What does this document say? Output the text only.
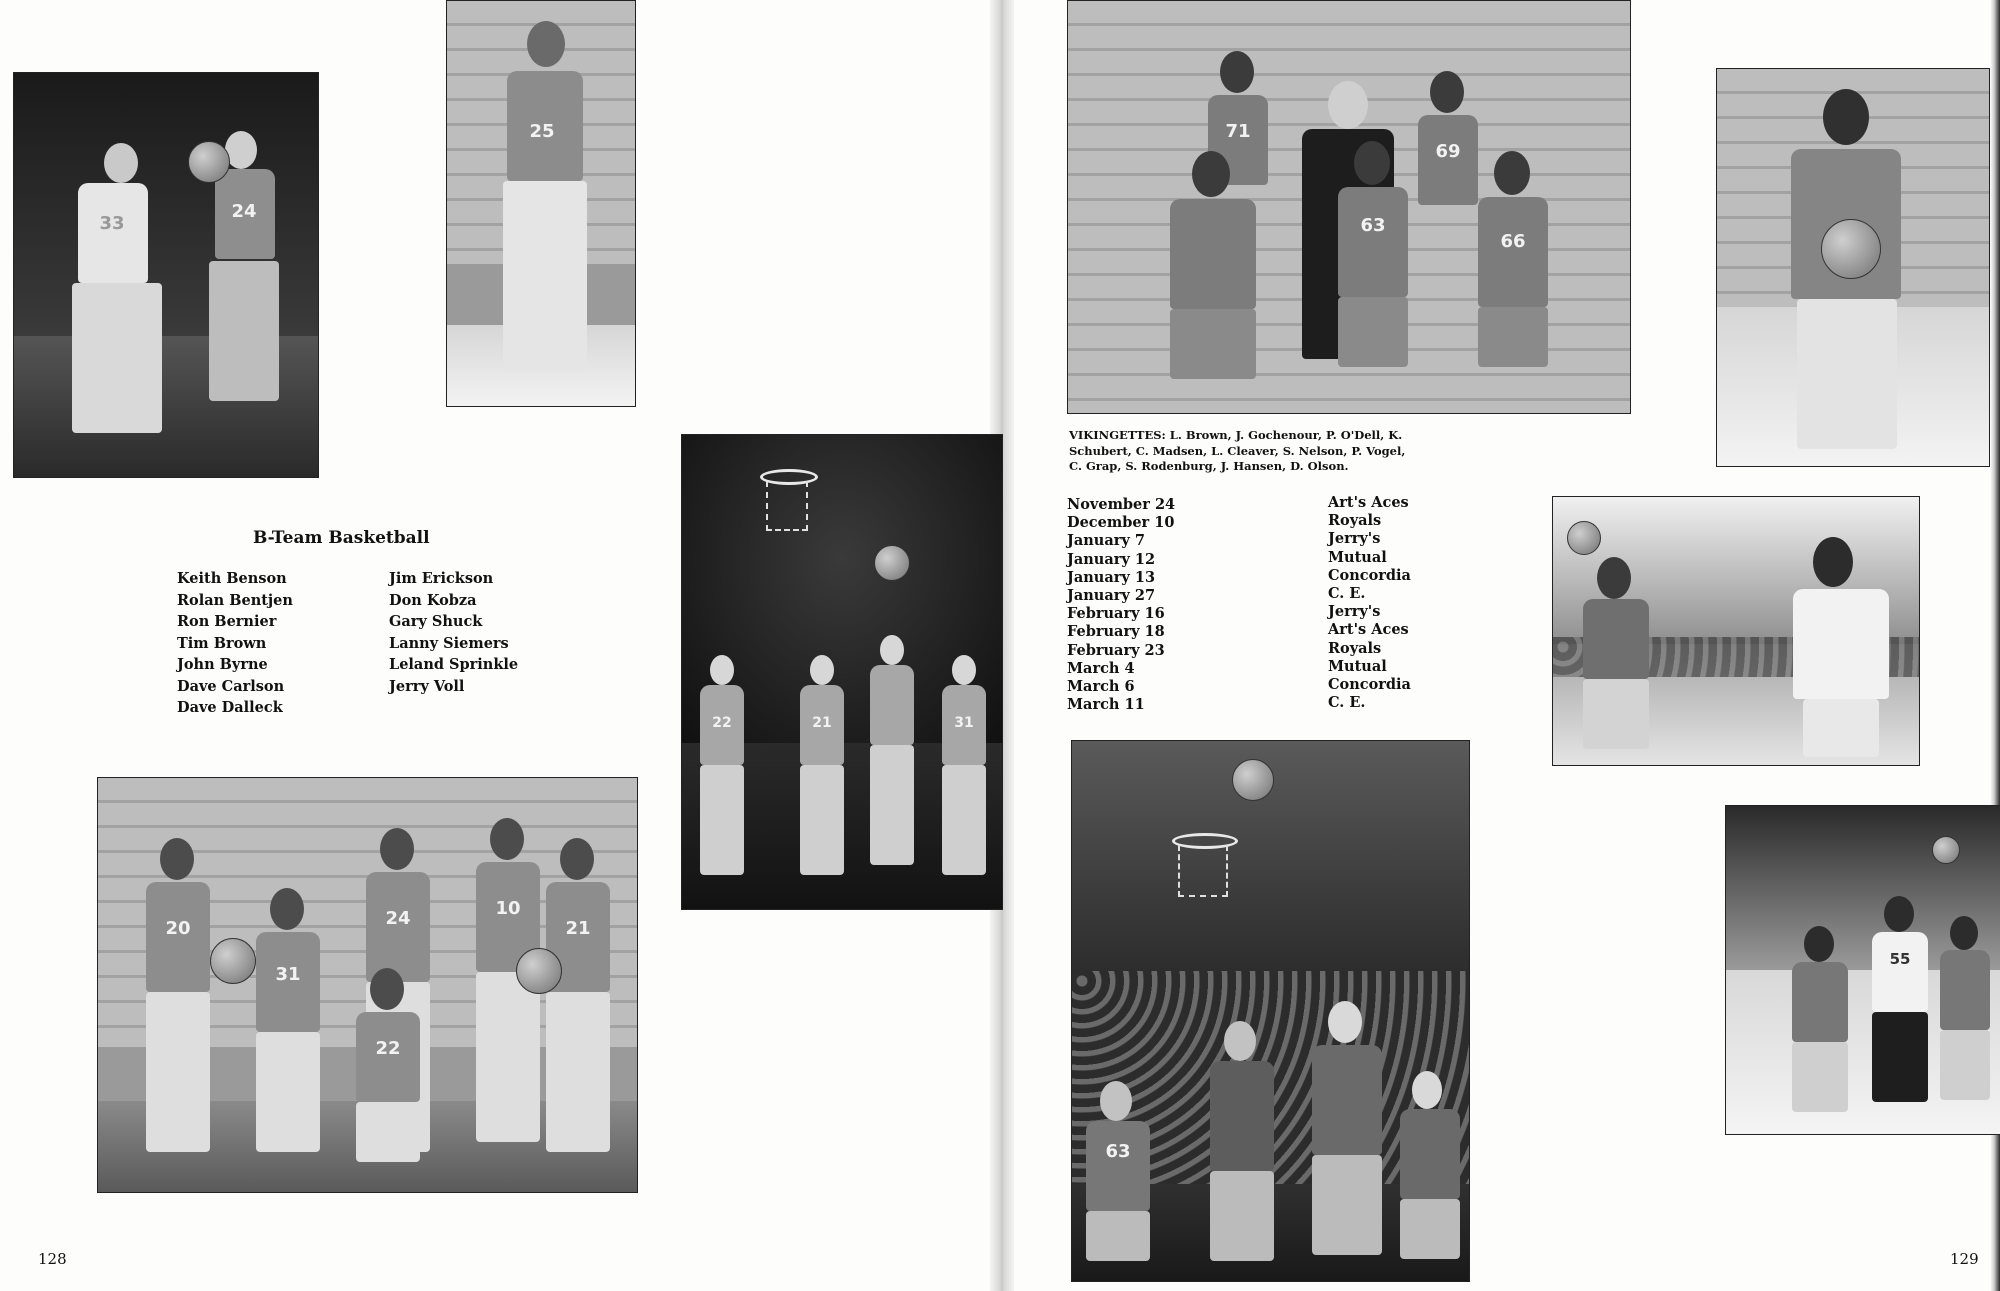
33
24
25
22	21	31
20
31
24
22
10
21
B-Team Basketball
Keith Benson
Rolan Bentjen
Ron Bernier
Tim Brown
John Byrne
Dave Carlson
Dave Dalleck
Jim Erickson
Don Kobza
Gary Shuck
Lanny Siemers
Leland Sprinkle
Jerry Voll
128
71
69
63
66
63
55
VIKINGETTES: L. Brown, J. Gochenour, P. O'Dell, K. Schubert, C. Madsen, L. Cleaver, S. Nelson, P. Vogel, C. Grap, S. Rodenburg, J. Hansen, D. Olson.
November 24
December 10
January 7
January 12
January 13
January 27
February 16
February 18
February 23
March 4
March 6
March 11
Art's Aces
Royals
Jerry's
Mutual
Concordia
C. E.
Jerry's
Art's Aces
Royals
Mutual
Concordia
C. E.
129
